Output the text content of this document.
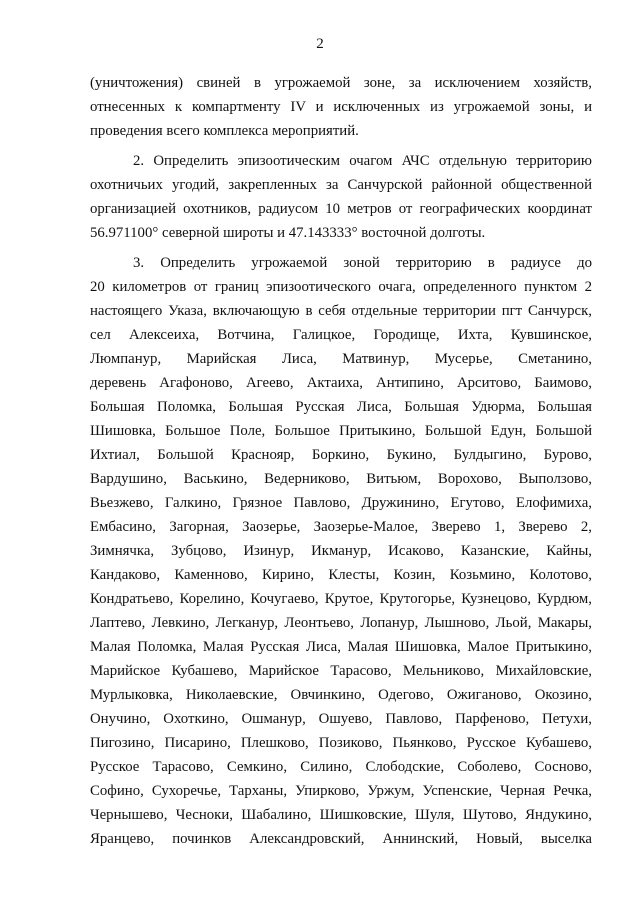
2
(уничтожения) свиней в угрожаемой зоне, за исключением хозяйств,
отнесенных к компартменту IV и исключенных из угрожаемой зоны, и
проведения всего комплекса мероприятий.
2. Определить эпизоотическим очагом АЧС отдельную территорию
охотничьих угодий, закрепленных за Санчурской районной общественной
организацией охотников, радиусом 10 метров от географических координат
56.971100° северной широты и 47.143333° восточной долготы.
3. Определить угрожаемой зоной территорию в радиусе до
20 километров от границ эпизоотического очага, определенного пунктом 2
настоящего Указа, включающую в себя отдельные территории пгт Санчурск,
сел Алексеиха, Вотчина, Галицкое, Городище, Ихта, Кувшинское,
Люмпанур, Марийская Лиса, Матвинур, Мусерье, Сметанино,
деревень Агафоново, Агеево, Актаиха, Антипино, Арситово, Баимово,
Большая Поломка, Большая Русская Лиса, Большая Удюрма, Большая
Шишовка, Большое Поле, Большое Притыкино, Большой Едун, Большой
Ихтиал, Большой Краснояр, Боркино, Букино, Булдыгино, Бурово,
Вардушино, Васькино, Ведерниково, Витьюм, Ворохово, Выползово,
Вьезжево, Галкино, Грязное Павлово, Дружинино, Егутово, Елофимиха,
Ембасино, Загорная, Заозерье, Заозерье-Малое, Зверево 1, Зверево 2,
Зимнячка, Зубцово, Изинур, Икманур, Исаково, Казанские, Кайны,
Кандаково, Каменново, Кирино, Клесты, Козин, Козьмино, Колотово,
Кондратьево, Корелино, Кочугаево, Крутое, Крутогорье, Кузнецово, Курдюм,
Лаптево, Левкино, Легканур, Леонтьево, Лопанур, Лышново, Льой, Макары,
Малая Поломка, Малая Русская Лиса, Малая Шишовка, Малое Притыкино,
Марийское Кубашево, Марийское Тарасово, Мельниково, Михайловские,
Мурлыковка, Николаевские, Овчинкино, Одегово, Ожиганово, Окозино,
Онучино, Охоткино, Ошманур, Ошуево, Павлово, Парфеново, Петухи,
Пигозино, Писарино, Плешково, Позиково, Пьянково, Русское Кубашево,
Русское Тарасово, Семкино, Силино, Слободские, Соболево, Сосново,
Софино, Сухоречье, Тарханы, Упирково, Уржум, Успенские, Черная Речка,
Чернышево, Чесноки, Шабалино, Шишковские, Шуля, Шутово, Яндукино,
Яранцево, починков Александровский, Аннинский, Новый, выселка
